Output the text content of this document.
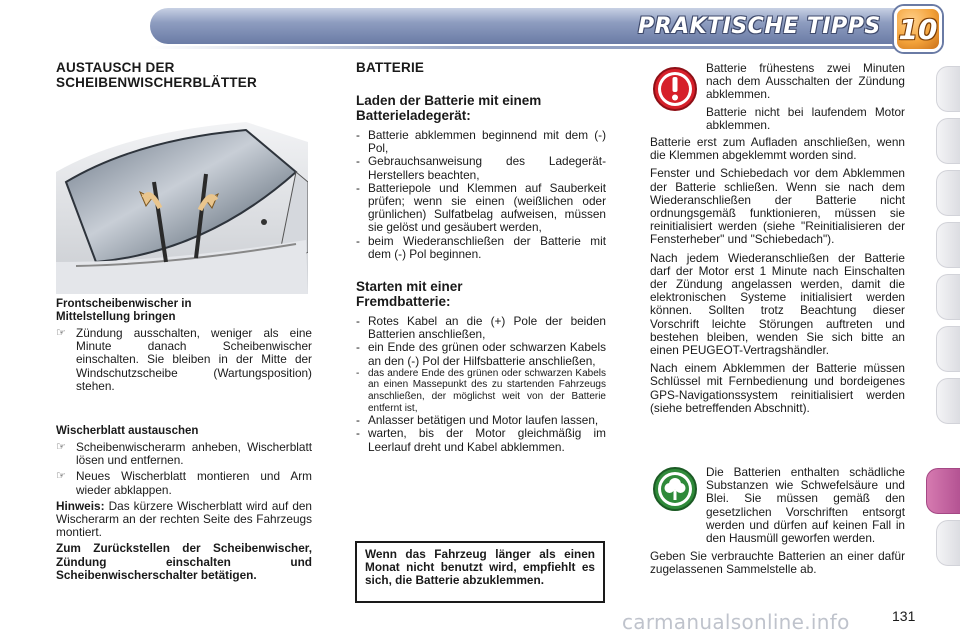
PRAKTISCHE TIPPS 10
AUSTAUSCH DER
SCHEIBENWISCHERBLÄTTER
Frontscheibenwischer in
Mittelstellung bringen
☞ Zündung ausschalten, weniger als eine Minute danach Scheibenwischer einschalten. Sie bleiben in der Mitte der Windschutzscheibe (Wartungsposition) stehen.
Wischerblatt austauschen
☞ Scheibenwischerarm anheben, Wischerblatt lösen und entfernen.
☞ Neues Wischerblatt montieren und Arm wieder abklappen.

Hinweis: Das kürzere Wischerblatt wird auf den Wischerarm an der rechten Seite des Fahrzeugs montiert.

Zum Zurückstellen der Scheibenwischer, Zündung einschalten und Scheibenwischerschalter betätigen.

BATTERIE
Laden der Batterie mit einem
Batterieladegerät:
- Batterie abklemmen beginnend mit dem (-) Pol,
- Gebrauchsanweisung des Ladegerät-Herstellers beachten,
- Batteriepole und Klemmen auf Sauberkeit prüfen; wenn sie einen (weißlichen oder grünlichen) Sulfatbelag aufweisen, müssen sie gelöst und gesäubert werden,
- beim Wiederanschließen der Batterie mit dem (-) Pol beginnen.
Starten mit einer
Fremdbatterie:
- Rotes Kabel an die (+) Pole der beiden Batterien anschließen,
- ein Ende des grünen oder schwarzen Kabels an den (-) Pol der Hilfsbatterie anschließen,
- das andere Ende des grünen oder schwarzen Kabels an einen Massepunkt des zu startenden Fahrzeugs anschließen, der möglichst weit von der Batterie entfernt ist,
- Anlasser betätigen und Motor laufen lassen,
- warten, bis der Motor gleichmäßig im Leerlauf dreht und Kabel abklemmen.

Wenn das Fahrzeug länger als einen Monat nicht benutzt wird, empfiehlt es sich, die Batterie abzuklemmen.

Batterie frühestens zwei Minuten nach dem Ausschalten der Zündung abklemmen.

Batterie nicht bei laufendem Motor abklemmen.

Batterie erst zum Aufladen anschließen, wenn die Klemmen abgeklemmt worden sind.

Fenster und Schiebedach vor dem Abklemmen der Batterie schließen. Wenn sie nach dem Wiederanschließen der Batterie nicht ordnungsgemäß funktionieren, müssen sie reinitialisiert werden (siehe "Reinitialisieren der Fensterheber" und "Schiebedach").

Nach jedem Wiederanschließen der Batterie darf der Motor erst 1 Minute nach Einschalten der Zündung angelassen werden, damit die elektronischen Systeme initialisiert werden können. Sollten trotz Beachtung dieser Vorschrift leichte Störungen auftreten und bestehen bleiben, wenden Sie sich bitte an einen PEUGEOT-Vertragshändler.

Nach einem Abklemmen der Batterie müssen Schlüssel mit Fernbedienung und bordeigenes GPS-Navigationssystem reinitialisiert werden (siehe betreffenden Abschnitt).

Die Batterien enthalten schädliche Substanzen wie Schwefelsäure und Blei. Sie müssen gemäß den gesetzlichen Vorschriften entsorgt werden und dürfen auf keinen Fall in den Hausmüll geworfen werden.

Geben Sie verbrauchte Batterien an einer dafür zugelassenen Sammelstelle ab.

carmanualsonline.info	131
